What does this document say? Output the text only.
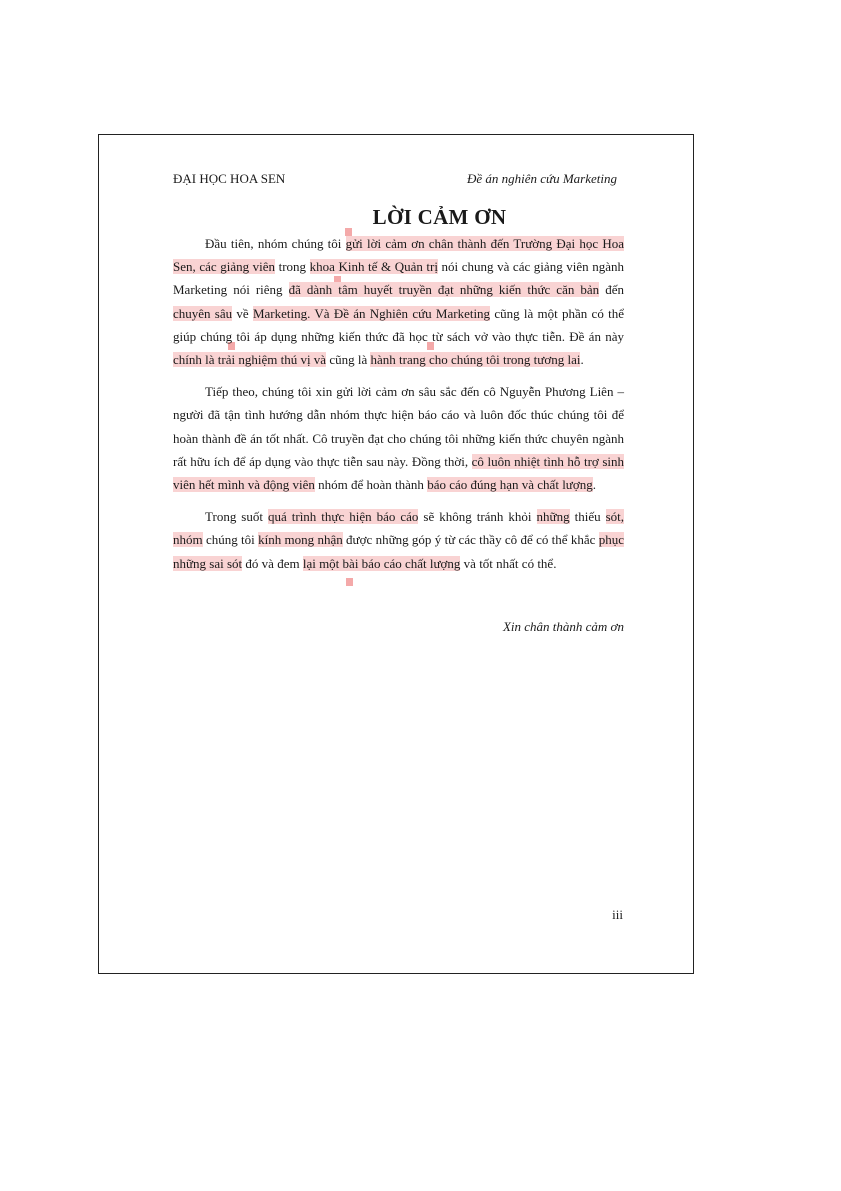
ĐẠI HỌC HOA SEN	Đề án nghiên cứu Marketing
LỜI CẢM ƠN

Đầu tiên, nhóm chúng tôi gửi lời cảm ơn chân thành đến Trường Đại học Hoa Sen, các giảng viên trong khoa Kinh tế & Quản trị nói chung và các giảng viên ngành Marketing nói riêng đã dành tâm huyết truyền đạt những kiến thức căn bản đến chuyên sâu về Marketing. Và Đề án Nghiên cứu Marketing cũng là một phần có thể giúp chúng tôi áp dụng những kiến thức đã học từ sách vở vào thực tiễn. Đề án này chính là trải nghiệm thú vị và cũng là hành trang cho chúng tôi trong tương lai.

Tiếp theo, chúng tôi xin gửi lời cảm ơn sâu sắc đến cô Nguyễn Phương Liên – người đã tận tình hướng dẫn nhóm thực hiện báo cáo và luôn đốc thúc chúng tôi để hoàn thành đề án tốt nhất. Cô truyền đạt cho chúng tôi những kiến thức chuyên ngành rất hữu ích để áp dụng vào thực tiễn sau này. Đồng thời, cô luôn nhiệt tình hỗ trợ sinh viên hết mình và động viên nhóm để hoàn thành báo cáo đúng hạn và chất lượng.

Trong suốt quá trình thực hiện báo cáo sẽ không tránh khỏi những thiếu sót, nhóm chúng tôi kính mong nhận được những góp ý từ các thầy cô để có thể khắc phục những sai sót đó và đem lại một bài báo cáo chất lượng và tốt nhất có thể.

Xin chân thành cảm ơn
iii
